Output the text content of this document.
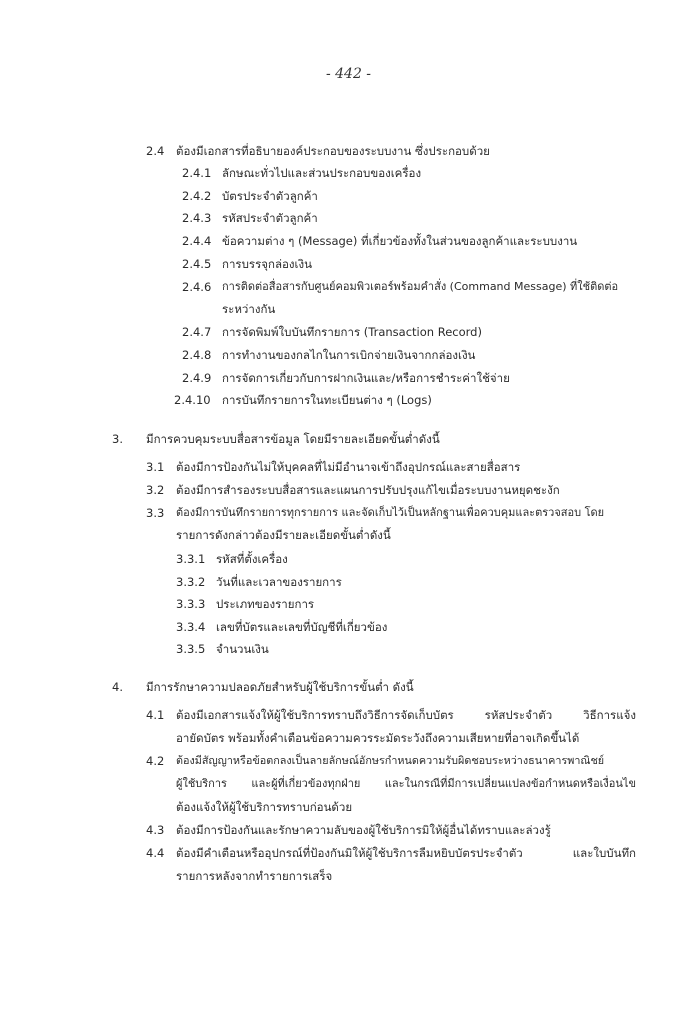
- 442 -
2.4 ต้องมีเอกสารที่อธิบายองค์ประกอบของระบบงาน ซึ่งประกอบด้วย
2.4.1 ลักษณะทั่วไปและส่วนประกอบของเครื่อง
2.4.2 บัตรประจำตัวลูกค้า
2.4.3 รหัสประจำตัวลูกค้า
2.4.4 ข้อความต่าง ๆ (Message) ที่เกี่ยวข้องทั้งในส่วนของลูกค้าและระบบงาน
2.4.5 การบรรจุกล่องเงิน
2.4.6 การติดต่อสื่อสารกับศูนย์คอมพิวเตอร์พร้อมคำสั่ง (Command Message) ที่ใช้ติดต่อ
ระหว่างกัน
2.4.7 การจัดพิมพ์ใบบันทึกรายการ (Transaction Record)
2.4.8 การทำงานของกลไกในการเบิกจ่ายเงินจากกล่องเงิน
2.4.9 การจัดการเกี่ยวกับการฝากเงินและ/หรือการชำระค่าใช้จ่าย
2.4.10 การบันทึกรายการในทะเบียนต่าง ๆ (Logs)
3. มีการควบคุมระบบสื่อสารข้อมูล โดยมีรายละเอียดขั้นต่ำดังนี้
3.1 ต้องมีการป้องกันไม่ให้บุคคลที่ไม่มีอำนาจเข้าถึงอุปกรณ์และสายสื่อสาร
3.2 ต้องมีการสำรองระบบสื่อสารและแผนการปรับปรุงแก้ไขเมื่อระบบงานหยุดชะงัก
3.3 ต้องมีการบันทึกรายการทุกรายการ และจัดเก็บไว้เป็นหลักฐานเพื่อควบคุมและตรวจสอบ โดย
รายการดังกล่าวต้องมีรายละเอียดขั้นต่ำดังนี้
3.3.1 รหัสที่ตั้งเครื่อง
3.3.2 วันที่และเวลาของรายการ
3.3.3 ประเภทของรายการ
3.3.4 เลขที่บัตรและเลขที่บัญชีที่เกี่ยวข้อง
3.3.5 จำนวนเงิน
4. มีการรักษาความปลอดภัยสำหรับผู้ใช้บริการขั้นต่ำ ดังนี้
4.1 ต้องมีเอกสารแจ้งให้ผู้ใช้บริการทราบถึงวิธีการจัดเก็บบัตร	รหัสประจำตัว	วิธีการแจ้ง
อายัดบัตร พร้อมทั้งคำเตือนข้อความควรระมัดระวังถึงความเสียหายที่อาจเกิดขึ้นได้
4.2 ต้องมีสัญญาหรือข้อตกลงเป็นลายลักษณ์อักษรกำหนดความรับผิดชอบระหว่างธนาคารพาณิชย์
ผู้ใช้บริการ และผู้ที่เกี่ยวข้องทุกฝ่าย และในกรณีที่มีการเปลี่ยนแปลงข้อกำหนดหรือเงื่อนไข
ต้องแจ้งให้ผู้ใช้บริการทราบก่อนด้วย
4.3 ต้องมีการป้องกันและรักษาความลับของผู้ใช้บริการมิให้ผู้อื่นได้ทราบและล่วงรู้
4.4 ต้องมีคำเตือนหรืออุปกรณ์ที่ป้องกันมิให้ผู้ใช้บริการลืมหยิบบัตรประจำตัว	และใบบันทึก
รายการหลังจากทำรายการเสร็จ
